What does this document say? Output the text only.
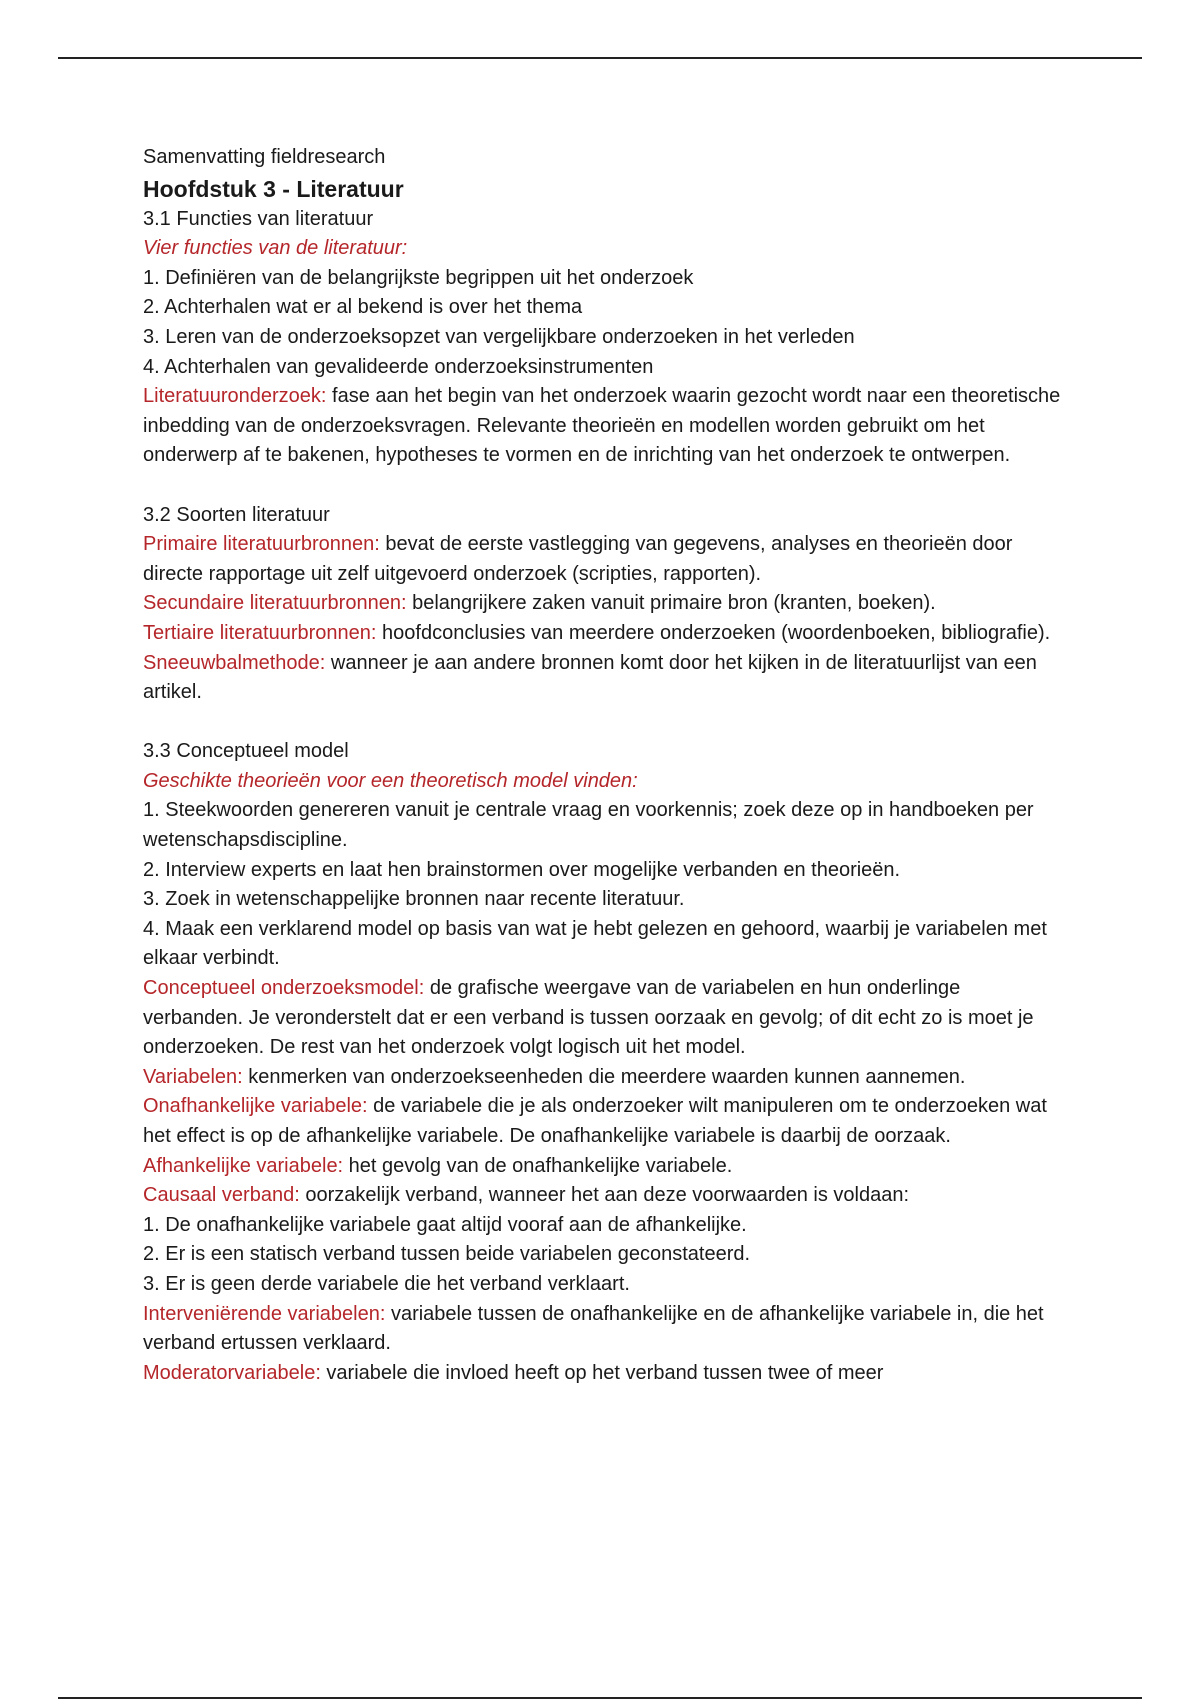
Samenvatting fieldresearch

Hoofdstuk 3 - Literatuur

3.1 Functies van literatuur

Vier functies van de literatuur:

1. Definiëren van de belangrijkste begrippen uit het onderzoek

2. Achterhalen wat er al bekend is over het thema

3. Leren van de onderzoeksopzet van vergelijkbare onderzoeken in het verleden

4. Achterhalen van gevalideerde onderzoeksinstrumenten

Literatuuronderzoek: fase aan het begin van het onderzoek waarin gezocht wordt naar een theoretische inbedding van de onderzoeksvragen. Relevante theorieën en modellen worden gebruikt om het onderwerp af te bakenen, hypotheses te vormen en de inrichting van het onderzoek te ontwerpen.

3.2 Soorten literatuur

Primaire literatuurbronnen: bevat de eerste vastlegging van gegevens, analyses en theorieën door directe rapportage uit zelf uitgevoerd onderzoek (scripties, rapporten).

Secundaire literatuurbronnen: belangrijkere zaken vanuit primaire bron (kranten, boeken).

Tertiaire literatuurbronnen: hoofdconclusies van meerdere onderzoeken (woordenboeken, bibliografie).

Sneeuwbalmethode: wanneer je aan andere bronnen komt door het kijken in de literatuurlijst van een artikel.

3.3 Conceptueel model

Geschikte theorieën voor een theoretisch model vinden:

1. Steekwoorden genereren vanuit je centrale vraag en voorkennis; zoek deze op in handboeken per wetenschapsdiscipline.

2. Interview experts en laat hen brainstormen over mogelijke verbanden en theorieën.

3. Zoek in wetenschappelijke bronnen naar recente literatuur.

4. Maak een verklarend model op basis van wat je hebt gelezen en gehoord, waarbij je variabelen met elkaar verbindt.

Conceptueel onderzoeksmodel: de grafische weergave van de variabelen en hun onderlinge verbanden. Je veronderstelt dat er een verband is tussen oorzaak en gevolg; of dit echt zo is moet je onderzoeken. De rest van het onderzoek volgt logisch uit het model.

Variabelen: kenmerken van onderzoekseenheden die meerdere waarden kunnen aannemen.

Onafhankelijke variabele: de variabele die je als onderzoeker wilt manipuleren om te onderzoeken wat het effect is op de afhankelijke variabele. De onafhankelijke variabele is daarbij de oorzaak.

Afhankelijke variabele: het gevolg van de onafhankelijke variabele.

Causaal verband: oorzakelijk verband, wanneer het aan deze voorwaarden is voldaan:

1. De onafhankelijke variabele gaat altijd vooraf aan de afhankelijke.

2. Er is een statisch verband tussen beide variabelen geconstateerd.

3. Er is geen derde variabele die het verband verklaart.

Interveniërende variabelen: variabele tussen de onafhankelijke en de afhankelijke variabele in, die het verband ertussen verklaard.

Moderatorvariabele: variabele die invloed heeft op het verband tussen twee of meer
